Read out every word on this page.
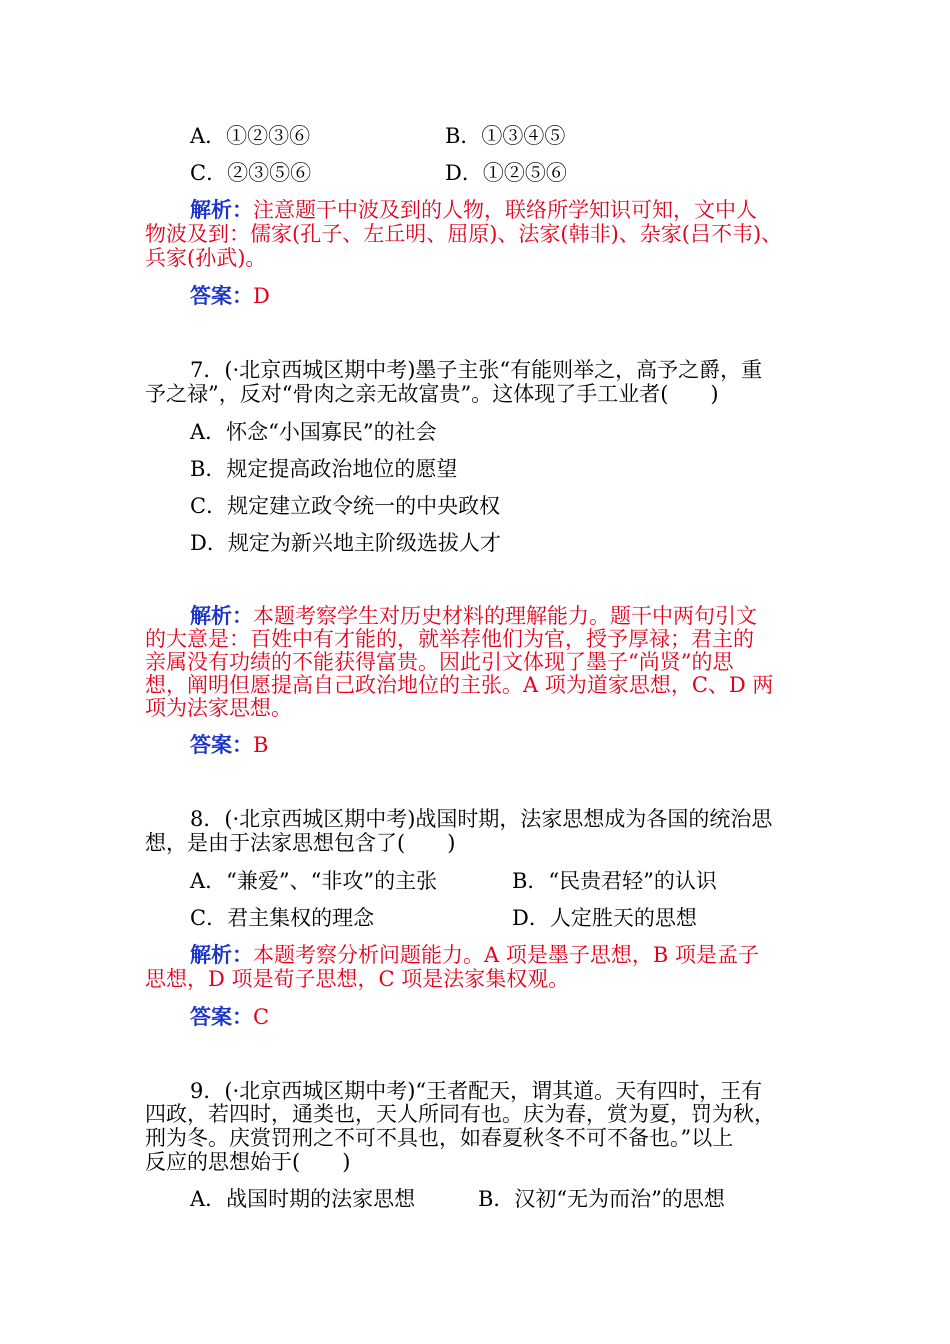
A．①②③⑥	B．①③④⑤
C．②③⑤⑥	D．①②⑤⑥
解析：注意题干中波及到的人物，联络所学知识可知，文中人
物波及到：儒家(孔子、左丘明、屈原)、法家(韩非)、杂家(吕不韦)、
兵家(孙武)。
答案：D
7．(·北京西城区期中考)墨子主张“有能则举之，高予之爵，重
予之禄”，反对“骨肉之亲无故富贵”。这体现了手工业者(　　)
A．怀念“小国寡民”的社会
B．规定提高政治地位的愿望
C．规定建立政令统一的中央政权
D．规定为新兴地主阶级选拔人才
解析：本题考察学生对历史材料的理解能力。题干中两句引文
的大意是：百姓中有才能的，就举荐他们为官，授予厚禄；君主的
亲属没有功绩的不能获得富贵。因此引文体现了墨子“尚贤”的思
想，阐明但愿提高自己政治地位的主张。A 项为道家思想，C、D 两
项为法家思想。
答案：B
8．(·北京西城区期中考)战国时期，法家思想成为各国的统治思
想，是由于法家思想包含了(　　)
A．“兼爱”、“非攻”的主张	B．“民贵君轻”的认识
C．君主集权的理念	D．人定胜天的思想
解析：本题考察分析问题能力。A 项是墨子思想，B 项是孟子
思想，D 项是荀子思想，C 项是法家集权观。
答案：C
9．(·北京西城区期中考)“王者配天，谓其道。天有四时，王有
四政，若四时，通类也，天人所同有也。庆为春，赏为夏，罚为秋，
刑为冬。庆赏罚刑之不可不具也，如春夏秋冬不可不备也。”以上
反应的思想始于(　　)
A．战国时期的法家思想	B．汉初“无为而治”的思想
